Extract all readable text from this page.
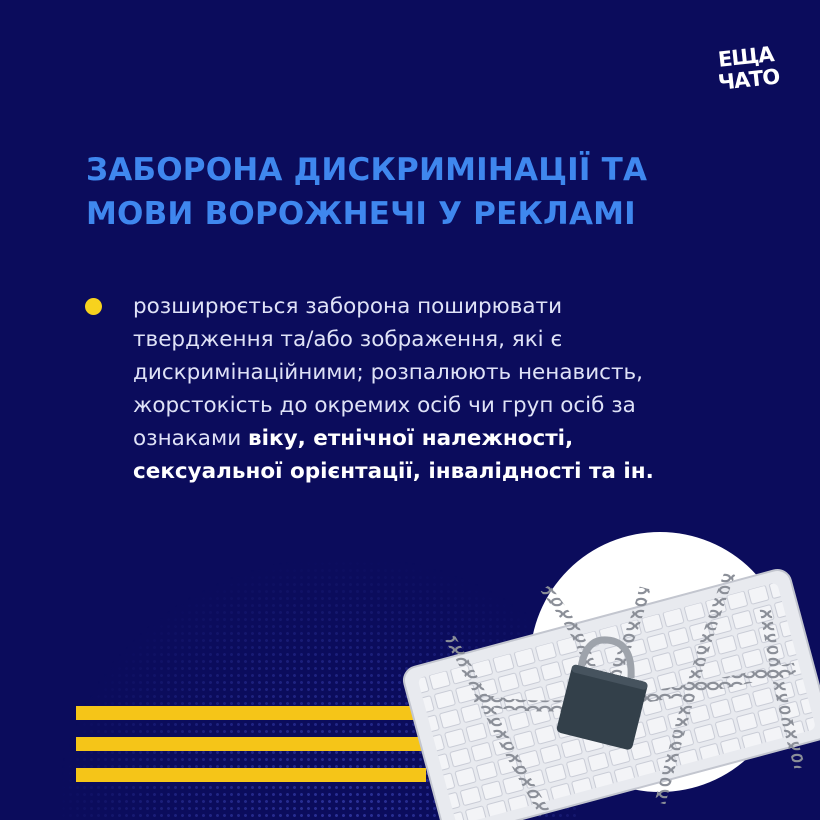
ЕЩА
ЧАТО
ЗАБОРОНА ДИСКРИМІНАЦІЇ ТА
МОВИ ВОРОЖНЕЧІ У РЕКЛАМІ

розширюється заборона поширювати
твердження та/або зображення, які є
дискримінаційними; розпалюють ненависть,
жорстокість до окремих осіб чи груп осіб за
ознаками віку, етнічної належності,
сексуальної орієнтації, інвалідності та ін.
